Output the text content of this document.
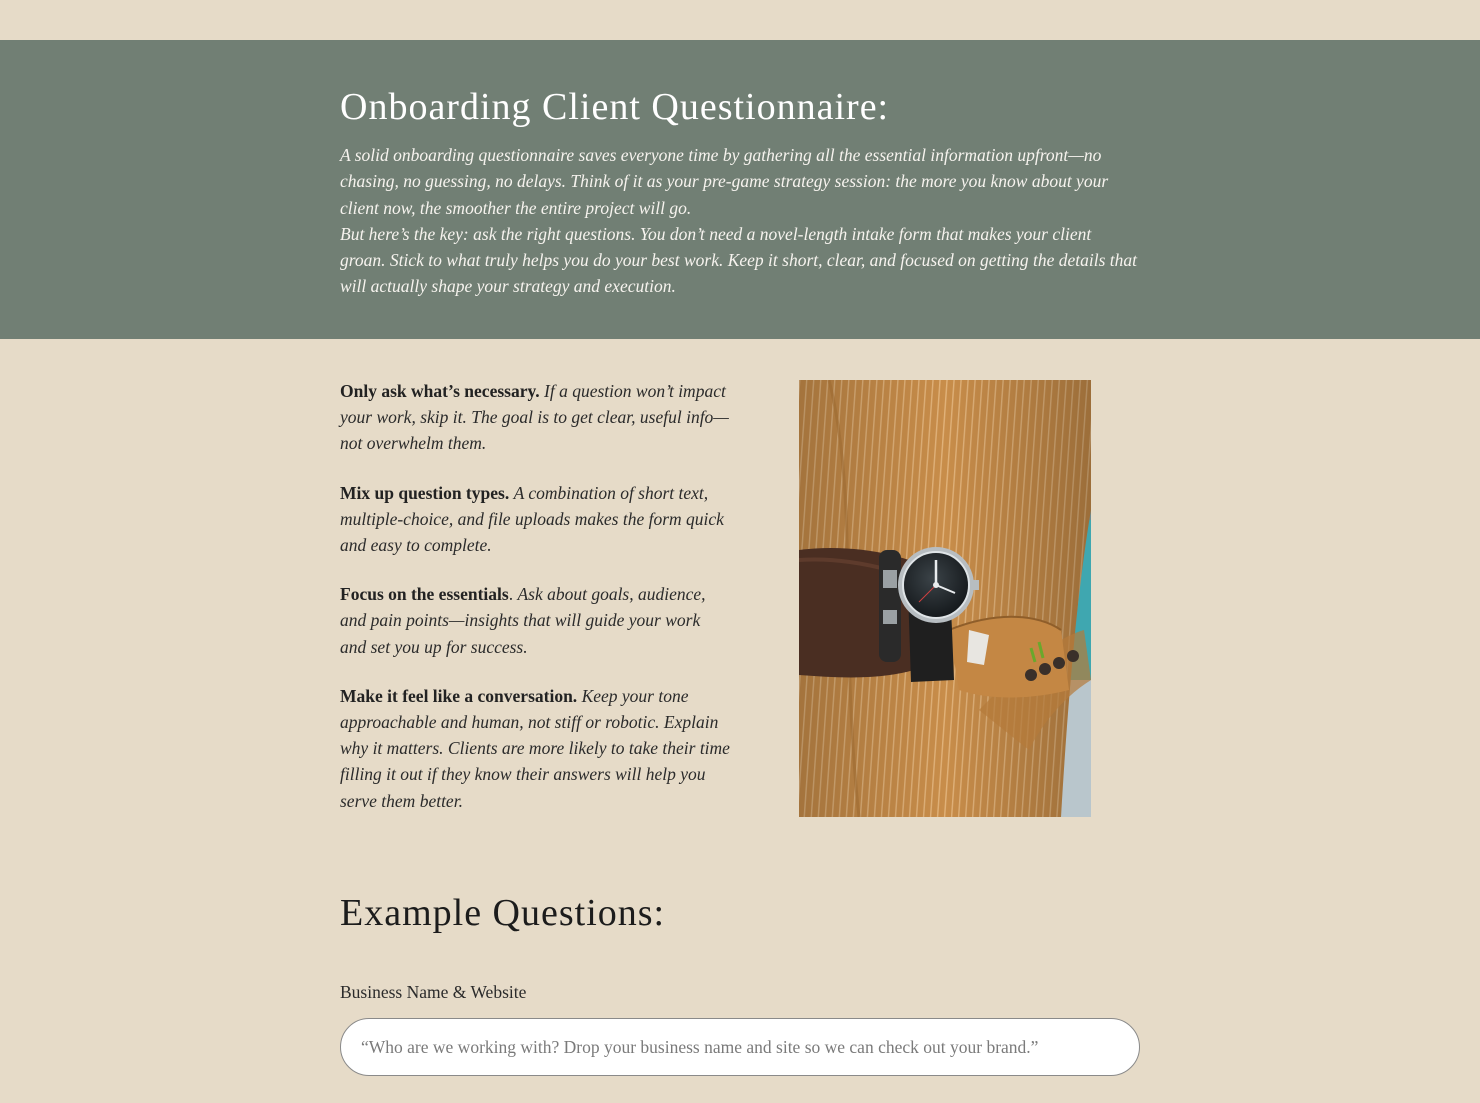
Onboarding Client Questionnaire:

A solid onboarding questionnaire saves everyone time by gathering all the essential information upfront—no chasing, no guessing, no delays. Think of it as your pre-game strategy session: the more you know about your client now, the smoother the entire project will go.

But here’s the key: ask the right questions. You don’t need a novel-length intake form that makes your client groan. Stick to what truly helps you do your best work. Keep it short, clear, and focused on getting the details that will actually shape your strategy and execution.

Only ask what’s necessary. If a question won’t impact your work, skip it. The goal is to get clear, useful info—not overwhelm them.

Mix up question types. A combination of short text, multiple-choice, and file uploads makes the form quick and easy to complete.

Focus on the essentials. Ask about goals, audience, and pain points—insights that will guide your work and set you up for success.

Make it feel like a conversation. Keep your tone approachable and human, not stiff or robotic. Explain why it matters. Clients are more likely to take their time filling it out if they know their answers will help you serve them better.

Example Questions:
Business Name & Website
“Who are we working with? Drop your business name and site so we can check out your brand.”
